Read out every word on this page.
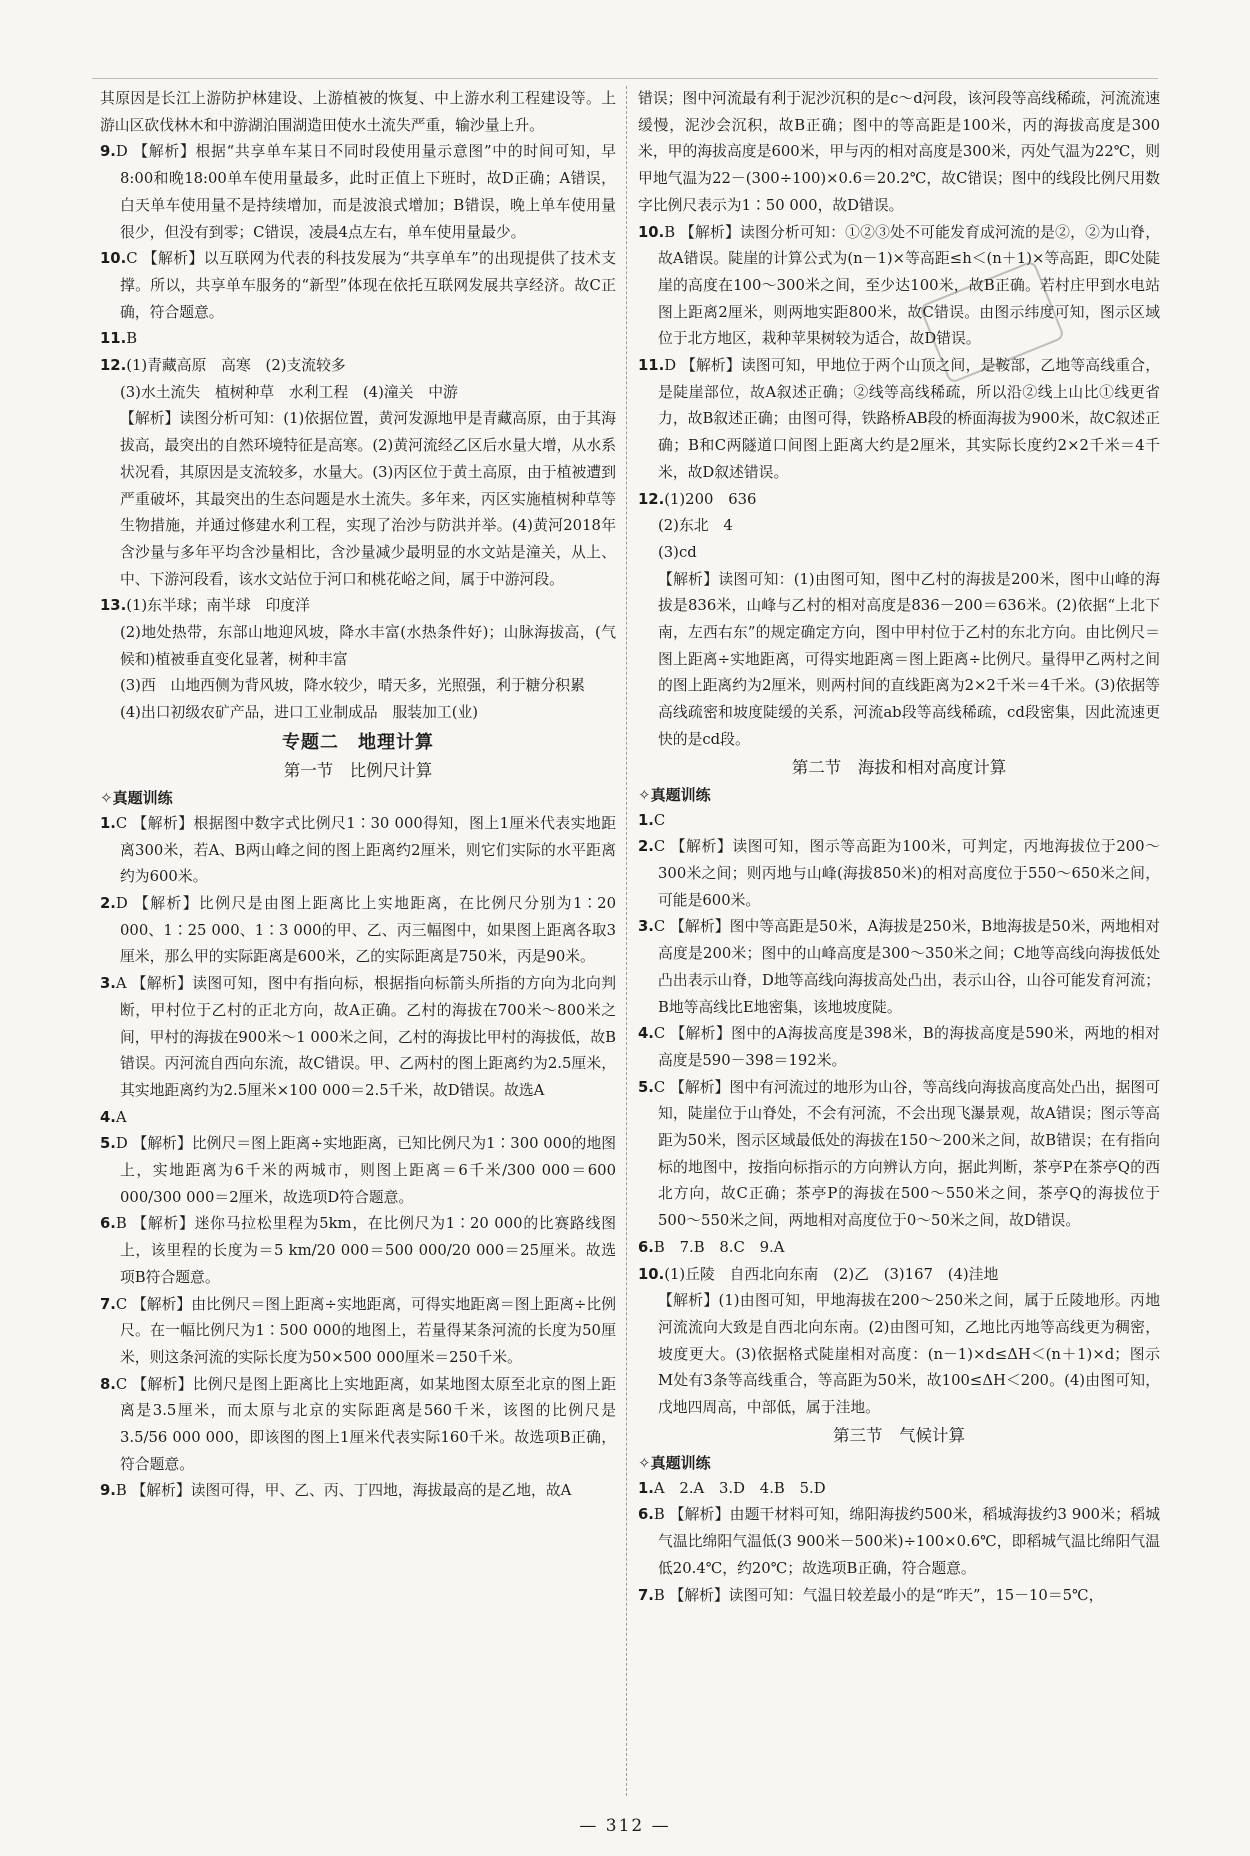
其原因是长江上游防护林建设、上游植被的恢复、中上游水利工程建设等。上游山区砍伐林木和中游湖泊围湖造田使水土流失严重，输沙量上升。

9.D 【解析】根据“共享单车某日不同时段使用量示意图”中的时间可知，早8:00和晚18:00单车使用量最多，此时正值上下班时，故D正确；A错误，白天单车使用量不是持续增加，而是波浪式增加；B错误，晚上单车使用量很少，但没有到零；C错误，凌晨4点左右，单车使用量最少。

10.C 【解析】以互联网为代表的科技发展为“共享单车”的出现提供了技术支撑。所以，共享单车服务的“新型”体现在依托互联网发展共享经济。故C正确，符合题意。

11.B

12.(1)青藏高原　高寒　(2)支流较多

(3)水土流失　植树种草　水利工程　(4)潼关　中游

【解析】读图分析可知：(1)依据位置，黄河发源地甲是青藏高原，由于其海拔高，最突出的自然环境特征是高寒。(2)黄河流经乙区后水量大增，从水系状况看，其原因是支流较多，水量大。(3)丙区位于黄土高原，由于植被遭到严重破坏，其最突出的生态问题是水土流失。多年来，丙区实施植树种草等生物措施，并通过修建水利工程，实现了治沙与防洪并举。(4)黄河2018年含沙量与多年平均含沙量相比，含沙量减少最明显的水文站是潼关，从上、中、下游河段看，该水文站位于河口和桃花峪之间，属于中游河段。

13.(1)东半球；南半球　印度洋

(2)地处热带，东部山地迎风坡，降水丰富(水热条件好)；山脉海拔高，(气候和)植被垂直变化显著，树种丰富

(3)西　山地西侧为背风坡，降水较少，晴天多，光照强，利于糖分积累

(4)出口初级农矿产品，进口工业制成品　服装加工(业)

专题二　地理计算

第一节　比例尺计算

✧真题训练

1.C 【解析】根据图中数字式比例尺1∶30 000得知，图上1厘米代表实地距离300米，若A、B两山峰之间的图上距离约2厘米，则它们实际的水平距离约为600米。

2.D 【解析】比例尺是由图上距离比上实地距离，在比例尺分别为1∶20 000、1∶25 000、1∶3 000的甲、乙、丙三幅图中，如果图上距离各取3厘米，那么甲的实际距离是600米，乙的实际距离是750米，丙是90米。

3.A 【解析】读图可知，图中有指向标，根据指向标箭头所指的方向为北向判断，甲村位于乙村的正北方向，故A正确。乙村的海拔在700米～800米之间，甲村的海拔在900米～1 000米之间，乙村的海拔比甲村的海拔低，故B错误。丙河流自西向东流，故C错误。甲、乙两村的图上距离约为2.5厘米，其实地距离约为2.5厘米×100 000＝2.5千米，故D错误。故选A

4.A

5.D 【解析】比例尺＝图上距离÷实地距离，已知比例尺为1∶300 000的地图上，实地距离为6千米的两城市，则图上距离＝6千米/300 000＝600 000/300 000＝2厘米，故选项D符合题意。

6.B 【解析】迷你马拉松里程为5km，在比例尺为1∶20 000的比赛路线图上，该里程的长度为＝5 km/20 000＝500 000/20 000＝25厘米。故选项B符合题意。

7.C 【解析】由比例尺＝图上距离÷实地距离，可得实地距离＝图上距离÷比例尺。在一幅比例尺为1∶500 000的地图上，若量得某条河流的长度为50厘米，则这条河流的实际长度为50×500 000厘米＝250千米。

8.C 【解析】比例尺是图上距离比上实地距离，如某地图太原至北京的图上距离是3.5厘米，而太原与北京的实际距离是560千米，该图的比例尺是3.5/56 000 000，即该图的图上1厘米代表实际160千米。故选项B正确，符合题意。

9.B 【解析】读图可得，甲、乙、丙、丁四地，海拔最高的是乙地，故A

错误；图中河流最有利于泥沙沉积的是c～d河段，该河段等高线稀疏，河流流速缓慢，泥沙会沉积，故B正确；图中的等高距是100米，丙的海拔高度是300米，甲的海拔高度是600米，甲与丙的相对高度是300米，丙处气温为22℃，则甲地气温为22－(300÷100)×0.6＝20.2℃，故C错误；图中的线段比例尺用数字比例尺表示为1∶50 000，故D错误。

10.B 【解析】读图分析可知：①②③处不可能发育成河流的是②，②为山脊，故A错误。陡崖的计算公式为(n－1)×等高距≤h＜(n＋1)×等高距，即C处陡崖的高度在100～300米之间，至少达100米，故B正确。若村庄甲到水电站图上距离2厘米，则两地实距800米，故C错误。由图示纬度可知，图示区域位于北方地区，栽种苹果树较为适合，故D错误。

11.D 【解析】读图可知，甲地位于两个山顶之间，是鞍部，乙地等高线重合，是陡崖部位，故A叙述正确；②线等高线稀疏，所以沿②线上山比①线更省力，故B叙述正确；由图可得，铁路桥AB段的桥面海拔为900米，故C叙述正确；B和C两隧道口间图上距离大约是2厘米，其实际长度约2×2千米＝4千米，故D叙述错误。

12.(1)200　636

(2)东北　4

(3)cd

【解析】读图可知：(1)由图可知，图中乙村的海拔是200米，图中山峰的海拔是836米，山峰与乙村的相对高度是836－200＝636米。(2)依据“上北下南，左西右东”的规定确定方向，图中甲村位于乙村的东北方向。由比例尺＝图上距离÷实地距离，可得实地距离＝图上距离÷比例尺。量得甲乙两村之间的图上距离约为2厘米，则两村间的直线距离为2×2千米＝4千米。(3)依据等高线疏密和坡度陡缓的关系，河流ab段等高线稀疏，cd段密集，因此流速更快的是cd段。

第二节　海拔和相对高度计算

✧真题训练

1.C

2.C 【解析】读图可知，图示等高距为100米，可判定，丙地海拔位于200～300米之间；则丙地与山峰(海拔850米)的相对高度位于550～650米之间，可能是600米。

3.C 【解析】图中等高距是50米，A海拔是250米，B地海拔是50米，两地相对高度是200米；图中的山峰高度是300～350米之间；C地等高线向海拔低处凸出表示山脊，D地等高线向海拔高处凸出，表示山谷，山谷可能发育河流；B地等高线比E地密集，该地坡度陡。

4.C 【解析】图中的A海拔高度是398米，B的海拔高度是590米，两地的相对高度是590－398＝192米。

5.C 【解析】图中有河流过的地形为山谷，等高线向海拔高度高处凸出，据图可知，陡崖位于山脊处，不会有河流，不会出现飞瀑景观，故A错误；图示等高距为50米，图示区域最低处的海拔在150～200米之间，故B错误；在有指向标的地图中，按指向标指示的方向辨认方向，据此判断，茶亭P在茶亭Q的西北方向，故C正确；茶亭P的海拔在500～550米之间，茶亭Q的海拔位于500～550米之间，两地相对高度位于0～50米之间，故D错误。

6.B　7.B　8.C　9.A

10.(1)丘陵　自西北向东南　(2)乙　(3)167　(4)洼地

【解析】(1)由图可知，甲地海拔在200～250米之间，属于丘陵地形。丙地河流流向大致是自西北向东南。(2)由图可知，乙地比丙地等高线更为稠密，坡度更大。(3)依据格式陡崖相对高度：(n－1)×d≤ΔH＜(n＋1)×d；图示M处有3条等高线重合，等高距为50米，故100≤ΔH＜200。(4)由图可知，戊地四周高，中部低，属于洼地。

第三节　气候计算

✧真题训练

1.A　2.A　3.D　4.B　5.D

6.B 【解析】由题干材料可知，绵阳海拔约500米，稻城海拔约3 900米；稻城气温比绵阳气温低(3 900米－500米)÷100×0.6℃，即稻城气温比绵阳气温低20.4℃，约20℃；故选项B正确，符合题意。

7.B 【解析】读图可知：气温日较差最小的是“昨天”，15－10＝5℃，

— 312 —
